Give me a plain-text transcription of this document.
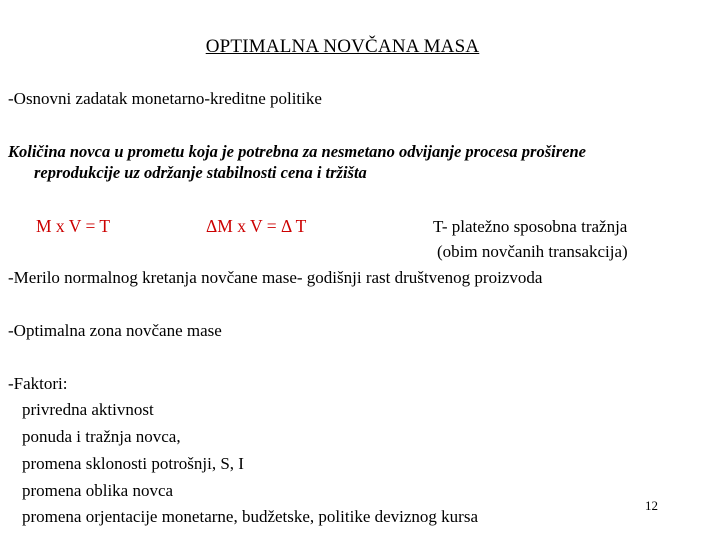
OPTIMALNA NOVČANA MASA
-Osnovni zadatak monetarno-kreditne politike
Količina novca u prometu koja je potrebna za nesmetano odvijanje procesa proširene
reprodukcije uz održanje stabilnosti cena i tržišta
M x V = T	ΔM x V = Δ T	T- platežno sposobna tražnja
(obim novčanih transakcija)
-Merilo normalnog kretanja novčane mase- godišnji rast društvenog proizvoda
-Optimalna zona novčane mase
-Faktori:
privredna aktivnost
ponuda i tražnja novca,
promena sklonosti potrošnji, S, I
promena oblika novca
promena orjentacije monetarne, budžetske, politike deviznog kursa
12
